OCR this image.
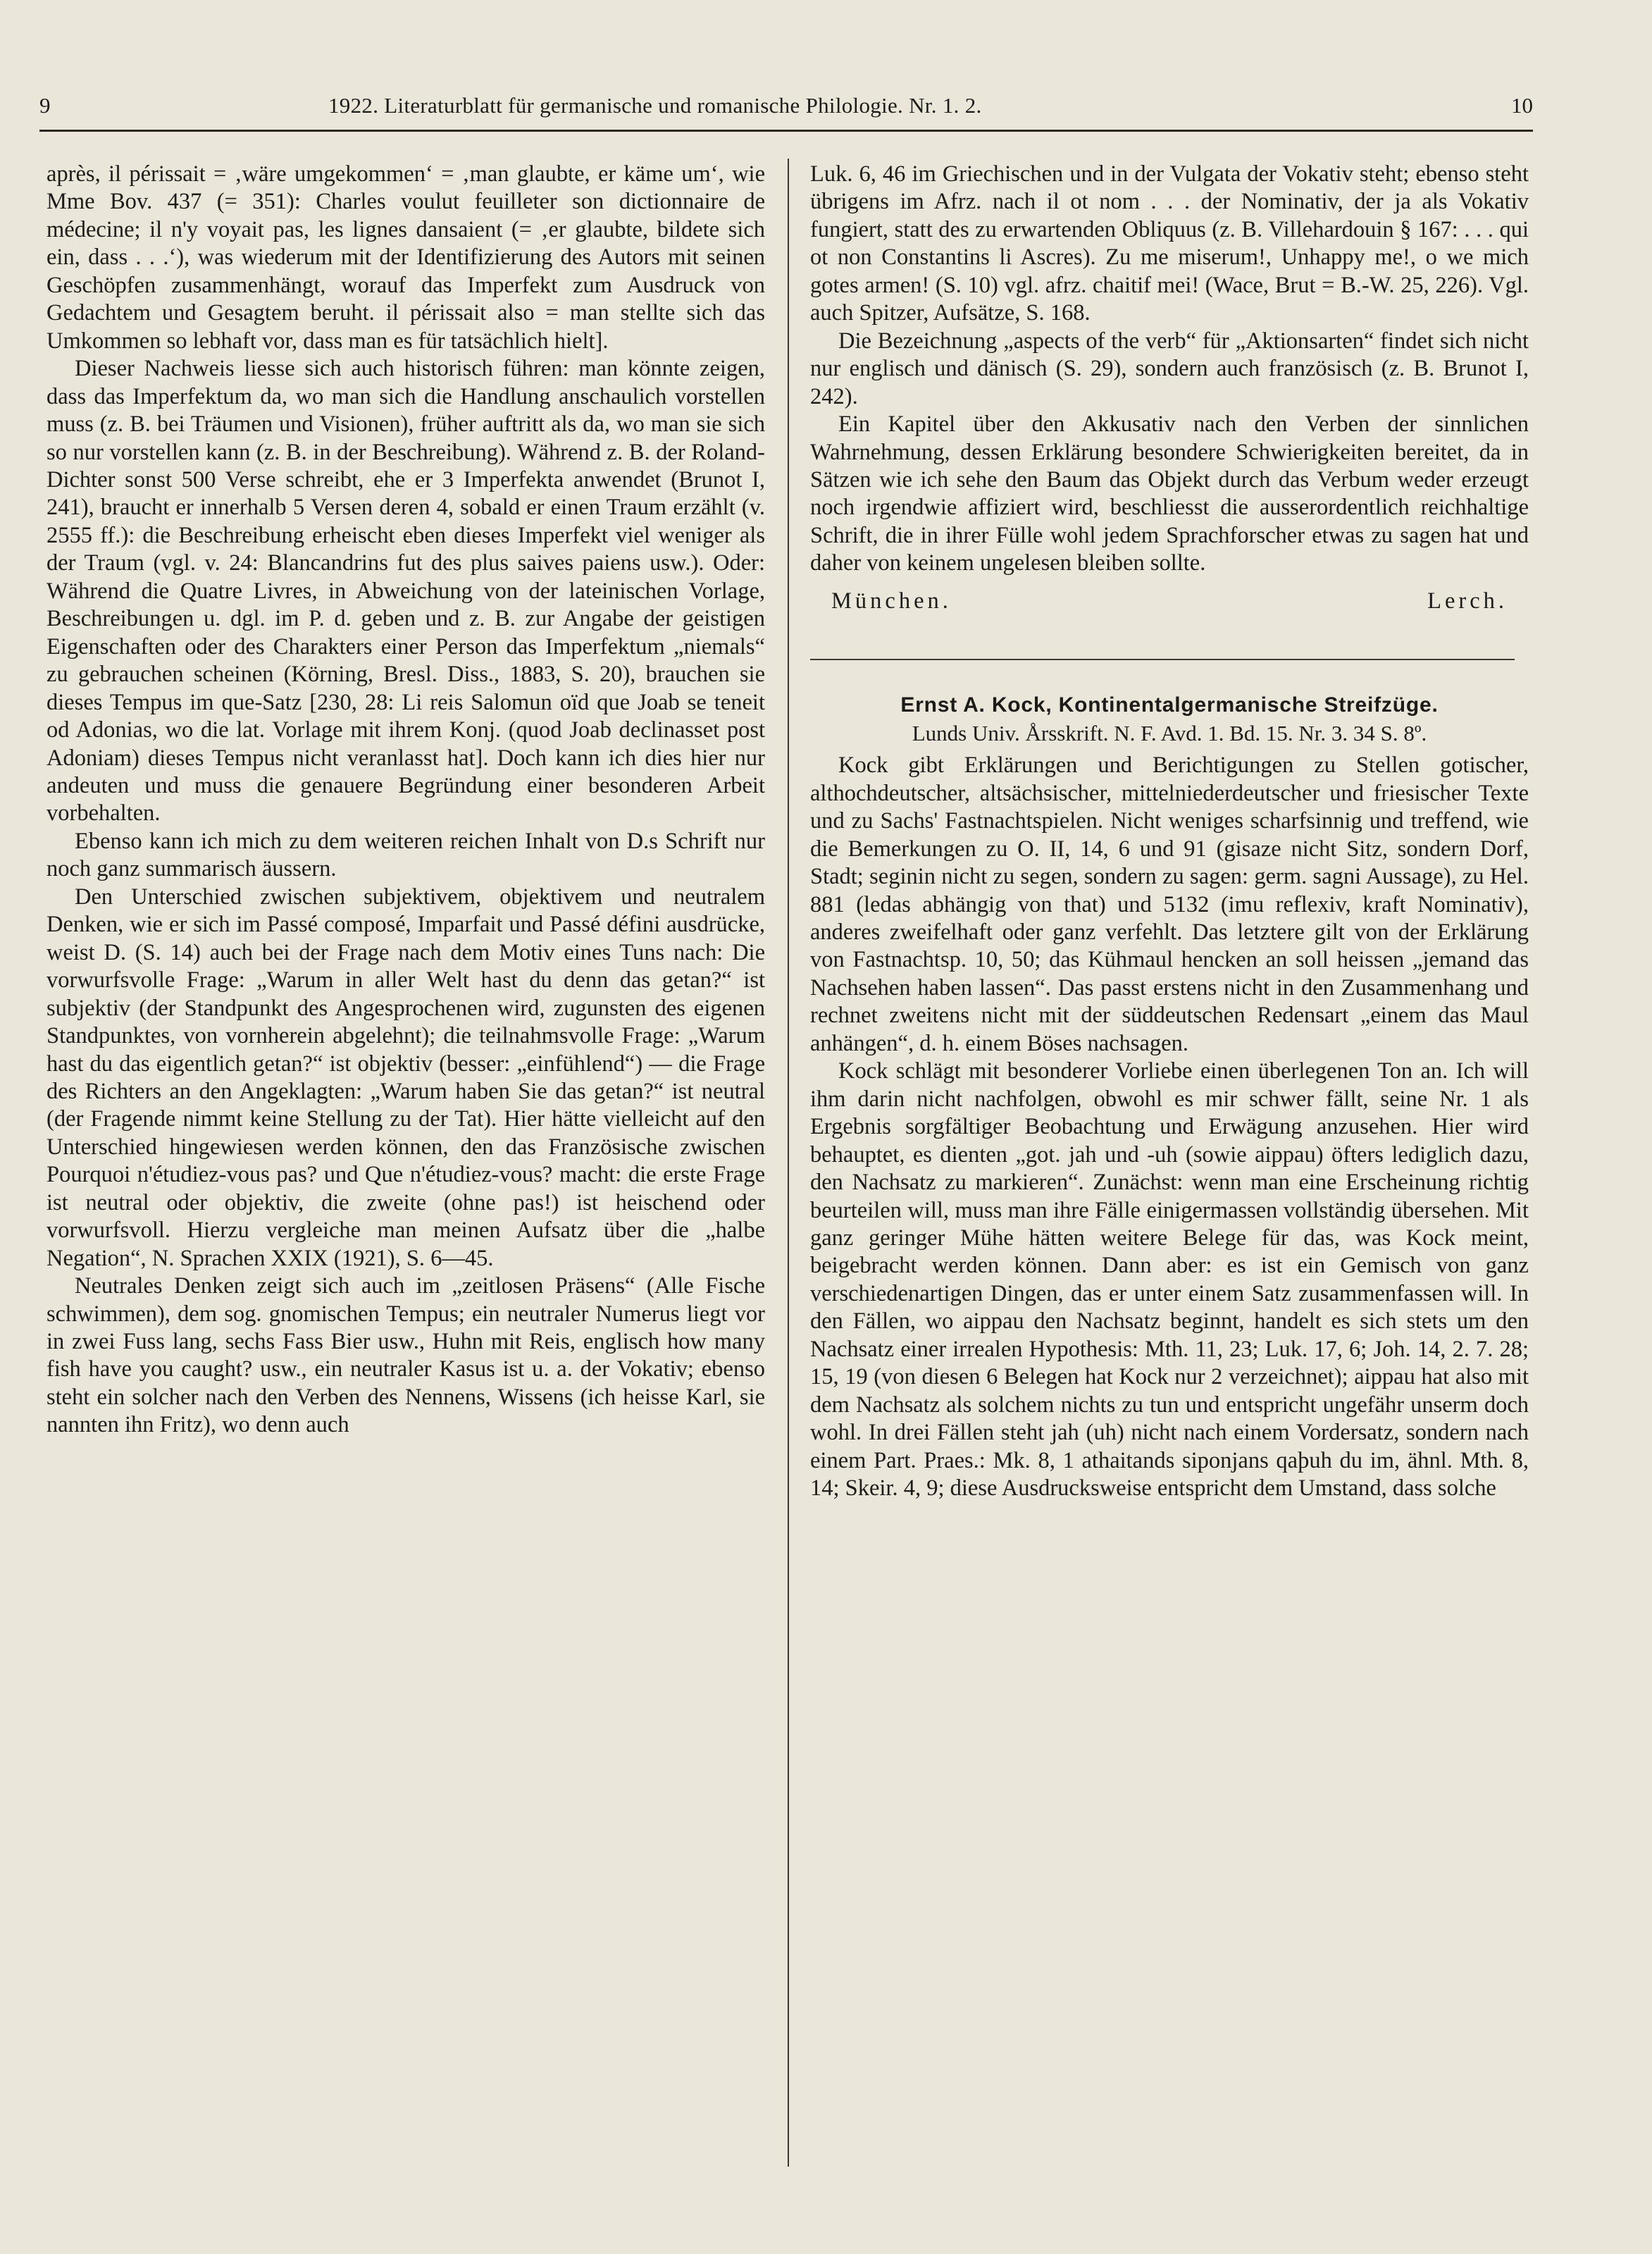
9	1922. Literaturblatt für germanische und romanische Philologie. Nr. 1. 2.	10

après, il périssait = ‚wäre umgekommen‘ = ‚man glaubte, er käme um‘, wie Mme Bov. 437 (= 351): Charles voulut feuilleter son dictionnaire de médecine; il n'y voyait pas, les lignes dansaient (= ‚er glaubte, bildete sich ein, dass . . .‘), was wiederum mit der Identifizierung des Autors mit seinen Geschöpfen zusammenhängt, worauf das Imperfekt zum Ausdruck von Gedachtem und Gesagtem beruht. il périssait also = man stellte sich das Umkommen so lebhaft vor, dass man es für tatsächlich hielt].

Dieser Nachweis liesse sich auch historisch führen: man könnte zeigen, dass das Imperfektum da, wo man sich die Handlung anschaulich vorstellen muss (z. B. bei Träumen und Visionen), früher auftritt als da, wo man sie sich so nur vorstellen kann (z. B. in der Beschreibung). Während z. B. der Roland-Dichter sonst 500 Verse schreibt, ehe er 3 Imperfekta anwendet (Brunot I, 241), braucht er innerhalb 5 Versen deren 4, sobald er einen Traum erzählt (v. 2555 ff.): die Beschreibung erheischt eben dieses Imperfekt viel weniger als der Traum (vgl. v. 24: Blancandrins fut des plus saives paiens usw.). Oder: Während die Quatre Livres, in Abweichung von der lateinischen Vorlage, Beschreibungen u. dgl. im P. d. geben und z. B. zur Angabe der geistigen Eigenschaften oder des Charakters einer Person das Imperfektum „niemals“ zu gebrauchen scheinen (Körning, Bresl. Diss., 1883, S. 20), brauchen sie dieses Tempus im que-Satz [230, 28: Li reis Salomun oïd que Joab se teneit od Adonias, wo die lat. Vorlage mit ihrem Konj. (quod Joab declinasset post Adoniam) dieses Tempus nicht veranlasst hat]. Doch kann ich dies hier nur andeuten und muss die genauere Begründung einer besonderen Arbeit vorbehalten.

Ebenso kann ich mich zu dem weiteren reichen Inhalt von D.s Schrift nur noch ganz summarisch äussern.

Den Unterschied zwischen subjektivem, objektivem und neutralem Denken, wie er sich im Passé composé, Imparfait und Passé défini ausdrücke, weist D. (S. 14) auch bei der Frage nach dem Motiv eines Tuns nach: Die vorwurfsvolle Frage: „Warum in aller Welt hast du denn das getan?“ ist subjektiv (der Standpunkt des Angesprochenen wird, zugunsten des eigenen Standpunktes, von vornherein abgelehnt); die teilnahmsvolle Frage: „Warum hast du das eigentlich getan?“ ist objektiv (besser: „einfühlend“) — die Frage des Richters an den Angeklagten: „Warum haben Sie das getan?“ ist neutral (der Fragende nimmt keine Stellung zu der Tat). Hier hätte vielleicht auf den Unterschied hingewiesen werden können, den das Französische zwischen Pourquoi n'étudiez-vous pas? und Que n'étudiez-vous? macht: die erste Frage ist neutral oder objektiv, die zweite (ohne pas!) ist heischend oder vorwurfsvoll. Hierzu vergleiche man meinen Aufsatz über die „halbe Negation“, N. Sprachen XXIX (1921), S. 6—45.

Neutrales Denken zeigt sich auch im „zeitlosen Präsens“ (Alle Fische schwimmen), dem sog. gnomischen Tempus; ein neutraler Numerus liegt vor in zwei Fuss lang, sechs Fass Bier usw., Huhn mit Reis, englisch how many fish have you caught? usw., ein neutraler Kasus ist u. a. der Vokativ; ebenso steht ein solcher nach den Verben des Nennens, Wissens (ich heisse Karl, sie nannten ihn Fritz), wo denn auch

Luk. 6, 46 im Griechischen und in der Vulgata der Vokativ steht; ebenso steht übrigens im Afrz. nach il ot nom . . . der Nominativ, der ja als Vokativ fungiert, statt des zu erwartenden Obliquus (z. B. Villehardouin § 167: . . . qui ot non Constantins li Ascres). Zu me miserum!, Unhappy me!, o we mich gotes armen! (S. 10) vgl. afrz. chaitif mei! (Wace, Brut = B.-W. 25, 226). Vgl. auch Spitzer, Aufsätze, S. 168.

Die Bezeichnung „aspects of the verb“ für „Aktionsarten“ findet sich nicht nur englisch und dänisch (S. 29), sondern auch französisch (z. B. Brunot I, 242).

Ein Kapitel über den Akkusativ nach den Verben der sinnlichen Wahrnehmung, dessen Erklärung besondere Schwierigkeiten bereitet, da in Sätzen wie ich sehe den Baum das Objekt durch das Verbum weder erzeugt noch irgendwie affiziert wird, beschliesst die ausserordentlich reichhaltige Schrift, die in ihrer Fülle wohl jedem Sprachforscher etwas zu sagen hat und daher von keinem ungelesen bleiben sollte.

München.	Lerch.
Ernst A. Kock, Kontinentalgermanische Streifzüge.
Lunds Univ. Årsskrift. N. F. Avd. 1. Bd. 15. Nr. 3. 34 S. 8º.

Kock gibt Erklärungen und Berichtigungen zu Stellen gotischer, althochdeutscher, altsächsischer, mittelniederdeutscher und friesischer Texte und zu Sachs' Fastnachtspielen. Nicht weniges scharfsinnig und treffend, wie die Bemerkungen zu O. II, 14, 6 und 91 (gisaze nicht Sitz, sondern Dorf, Stadt; seginin nicht zu segen, sondern zu sagen: germ. sagni Aussage), zu Hel. 881 (ledas abhängig von that) und 5132 (imu reflexiv, kraft Nominativ), anderes zweifelhaft oder ganz verfehlt. Das letztere gilt von der Erklärung von Fastnachtsp. 10, 50; das Kühmaul hencken an soll heissen „jemand das Nachsehen haben lassen“. Das passt erstens nicht in den Zusammenhang und rechnet zweitens nicht mit der süddeutschen Redensart „einem das Maul anhängen“, d. h. einem Böses nachsagen.

Kock schlägt mit besonderer Vorliebe einen überlegenen Ton an. Ich will ihm darin nicht nachfolgen, obwohl es mir schwer fällt, seine Nr. 1 als Ergebnis sorgfältiger Beobachtung und Erwägung anzusehen. Hier wird behauptet, es dienten „got. jah und -uh (sowie aippau) öfters lediglich dazu, den Nachsatz zu markieren“. Zunächst: wenn man eine Erscheinung richtig beurteilen will, muss man ihre Fälle einigermassen vollständig übersehen. Mit ganz geringer Mühe hätten weitere Belege für das, was Kock meint, beigebracht werden können. Dann aber: es ist ein Gemisch von ganz verschiedenartigen Dingen, das er unter einem Satz zusammenfassen will. In den Fällen, wo aippau den Nachsatz beginnt, handelt es sich stets um den Nachsatz einer irrealen Hypothesis: Mth. 11, 23; Luk. 17, 6; Joh. 14, 2. 7. 28; 15, 19 (von diesen 6 Belegen hat Kock nur 2 verzeichnet); aippau hat also mit dem Nachsatz als solchem nichts zu tun und entspricht ungefähr unserm doch wohl. In drei Fällen steht jah (uh) nicht nach einem Vordersatz, sondern nach einem Part. Praes.: Mk. 8, 1 athaitands siponjans qaþuh du im, ähnl. Mth. 8, 14; Skeir. 4, 9; diese Ausdrucksweise entspricht dem Umstand, dass solche
